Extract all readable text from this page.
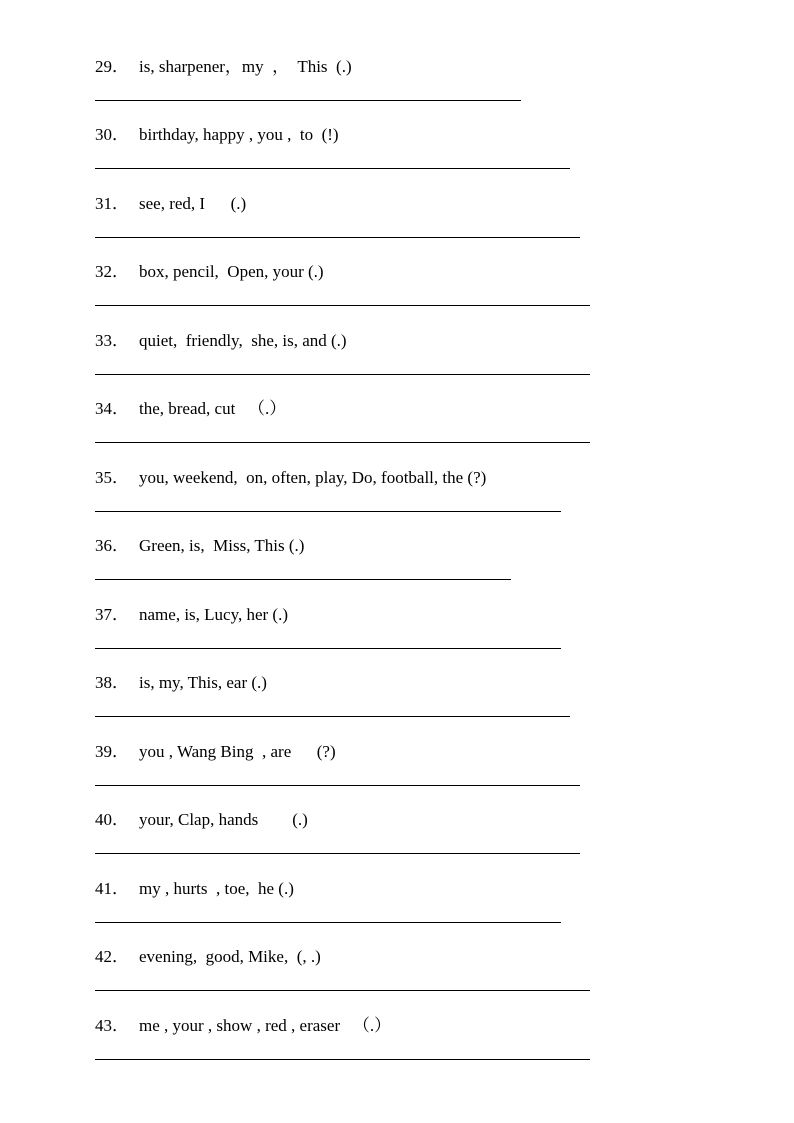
29． is, sharpener，my  ，  This  (.)
30． birthday, happy , you ,  to  (!)
31． see, red, I      (.)
32． box, pencil,  Open, your (.)
33． quiet,  friendly,  she, is, and (.)
34． the, bread, cut   （.）
35． you, weekend,  on, often, play, Do, football, the (?)
36． Green, is,  Miss, This (.)
37． name, is, Lucy, her (.)
38． is, my, This, ear (.)
39． you , Wang Bing  , are      (?)
40． your, Clap, hands        (.)
41． my , hurts  , toe,  he (.)
42． evening,  good, Mike,  (, .)
43． me , your , show , red , eraser   （.）
